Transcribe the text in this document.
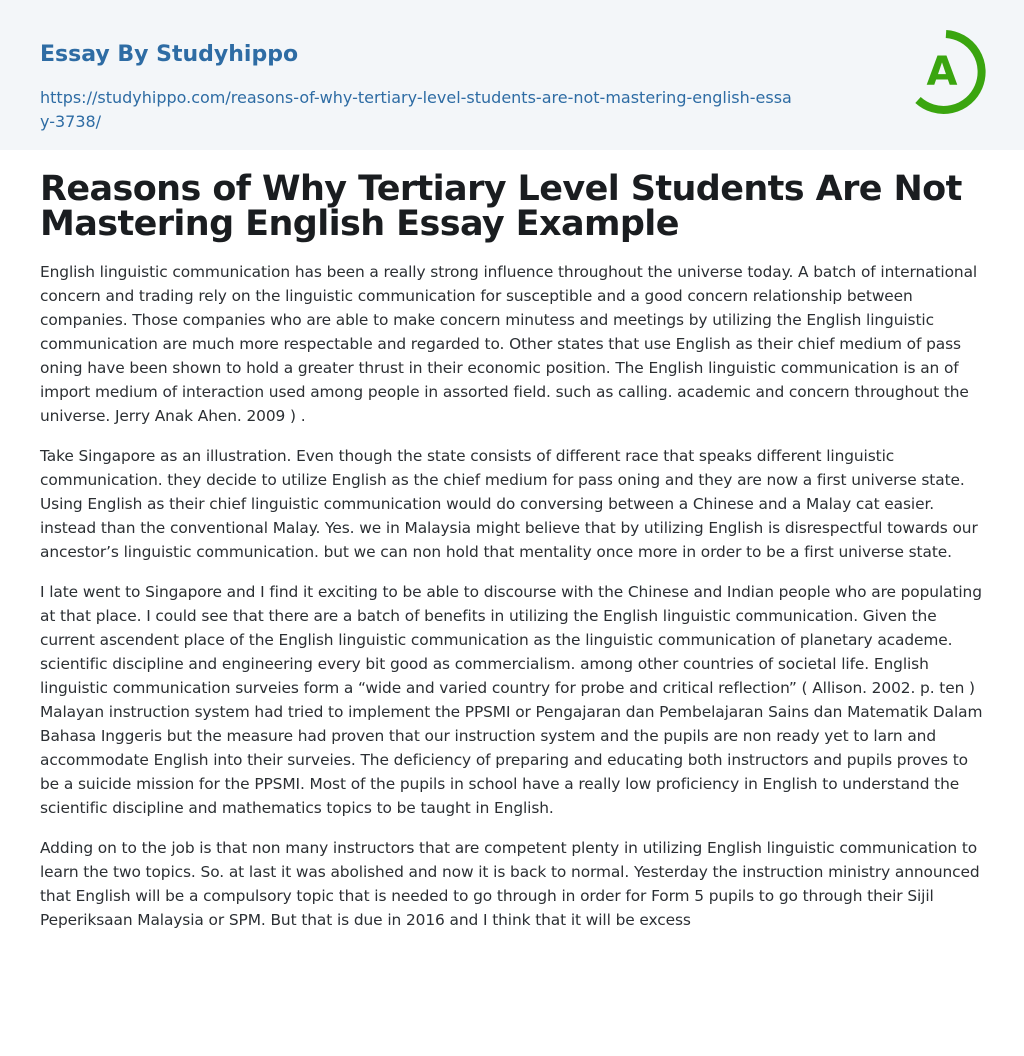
Essay By Studyhippo
https://studyhippo.com/reasons-of-why-tertiary-level-students-are-not-mastering-english-essay-3738/
A
Reasons of Why Tertiary Level Students Are Not Mastering English Essay Example

English linguistic communication has been a really strong influence throughout the universe today. A batch of international concern and trading rely on the linguistic communication for susceptible and a good concern relationship between companies. Those companies who are able to make concern minutess and meetings by utilizing the English linguistic communication are much more respectable and regarded to. Other states that use English as their chief medium of pass oning have been shown to hold a greater thrust in their economic position. The English linguistic communication is an of import medium of interaction used among people in assorted field. such as calling. academic and concern throughout the universe. Jerry Anak Ahen. 2009 ) .

Take Singapore as an illustration. Even though the state consists of different race that speaks different linguistic communication. they decide to utilize English as the chief medium for pass oning and they are now a first universe state. Using English as their chief linguistic communication would do conversing between a Chinese and a Malay cat easier. instead than the conventional Malay. Yes. we in Malaysia might believe that by utilizing English is disrespectful towards our ancestor’s linguistic communication. but we can non hold that mentality once more in order to be a first universe state.

I late went to Singapore and I find it exciting to be able to discourse with the Chinese and Indian people who are populating at that place. I could see that there are a batch of benefits in utilizing the English linguistic communication. Given the current ascendent place of the English linguistic communication as the linguistic communication of planetary academe. scientific discipline and engineering every bit good as commercialism. among other countries of societal life. English linguistic communication surveies form a “wide and varied country for probe and critical reflection” ( Allison. 2002. p. ten ) Malayan instruction system had tried to implement the PPSMI or Pengajaran dan Pembelajaran Sains dan Matematik Dalam Bahasa Inggeris but the measure had proven that our instruction system and the pupils are non ready yet to larn and accommodate English into their surveies. The deficiency of preparing and educating both instructors and pupils proves to be a suicide mission for the PPSMI. Most of the pupils in school have a really low proficiency in English to understand the scientific discipline and mathematics topics to be taught in English.

Adding on to the job is that non many instructors that are competent plenty in utilizing English linguistic communication to learn the two topics. So. at last it was abolished and now it is back to normal. Yesterday the instruction ministry announced that English will be a compulsory topic that is needed to go through in order for Form 5 pupils to go through their Sijil Peperiksaan Malaysia or SPM. But that is due in 2016 and I think that it will be excess
